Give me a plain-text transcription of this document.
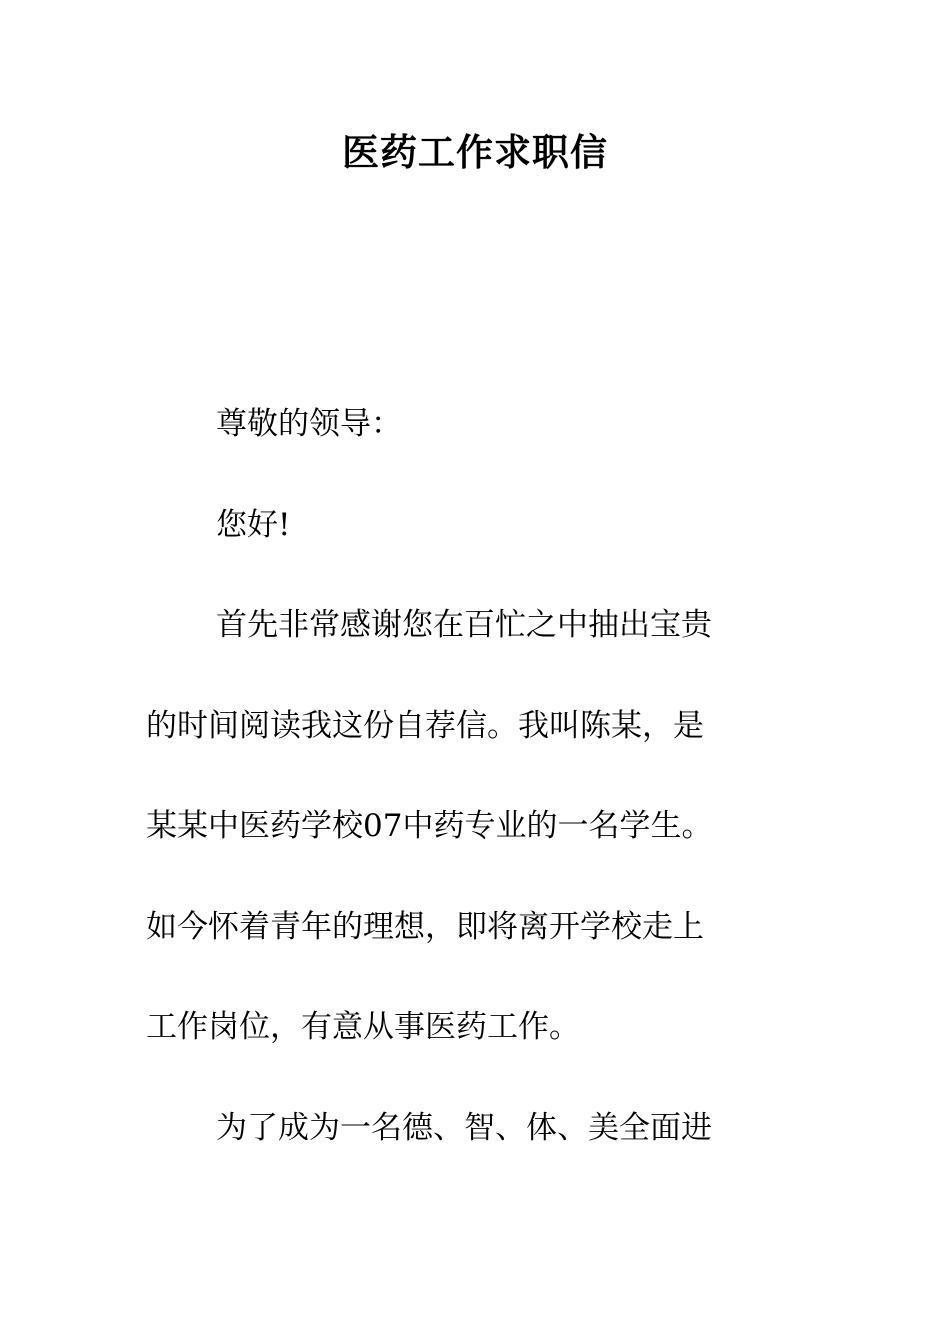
医药工作求职信
尊敬的领导：
您好!
首先非常感谢您在百忙之中抽出宝贵
的时间阅读我这份自荐信。我叫陈某，是
某某中医药学校07中药专业的一名学生。
如今怀着青年的理想，即将离开学校走上
工作岗位，有意从事医药工作。
为了成为一名德、智、体、美全面进
